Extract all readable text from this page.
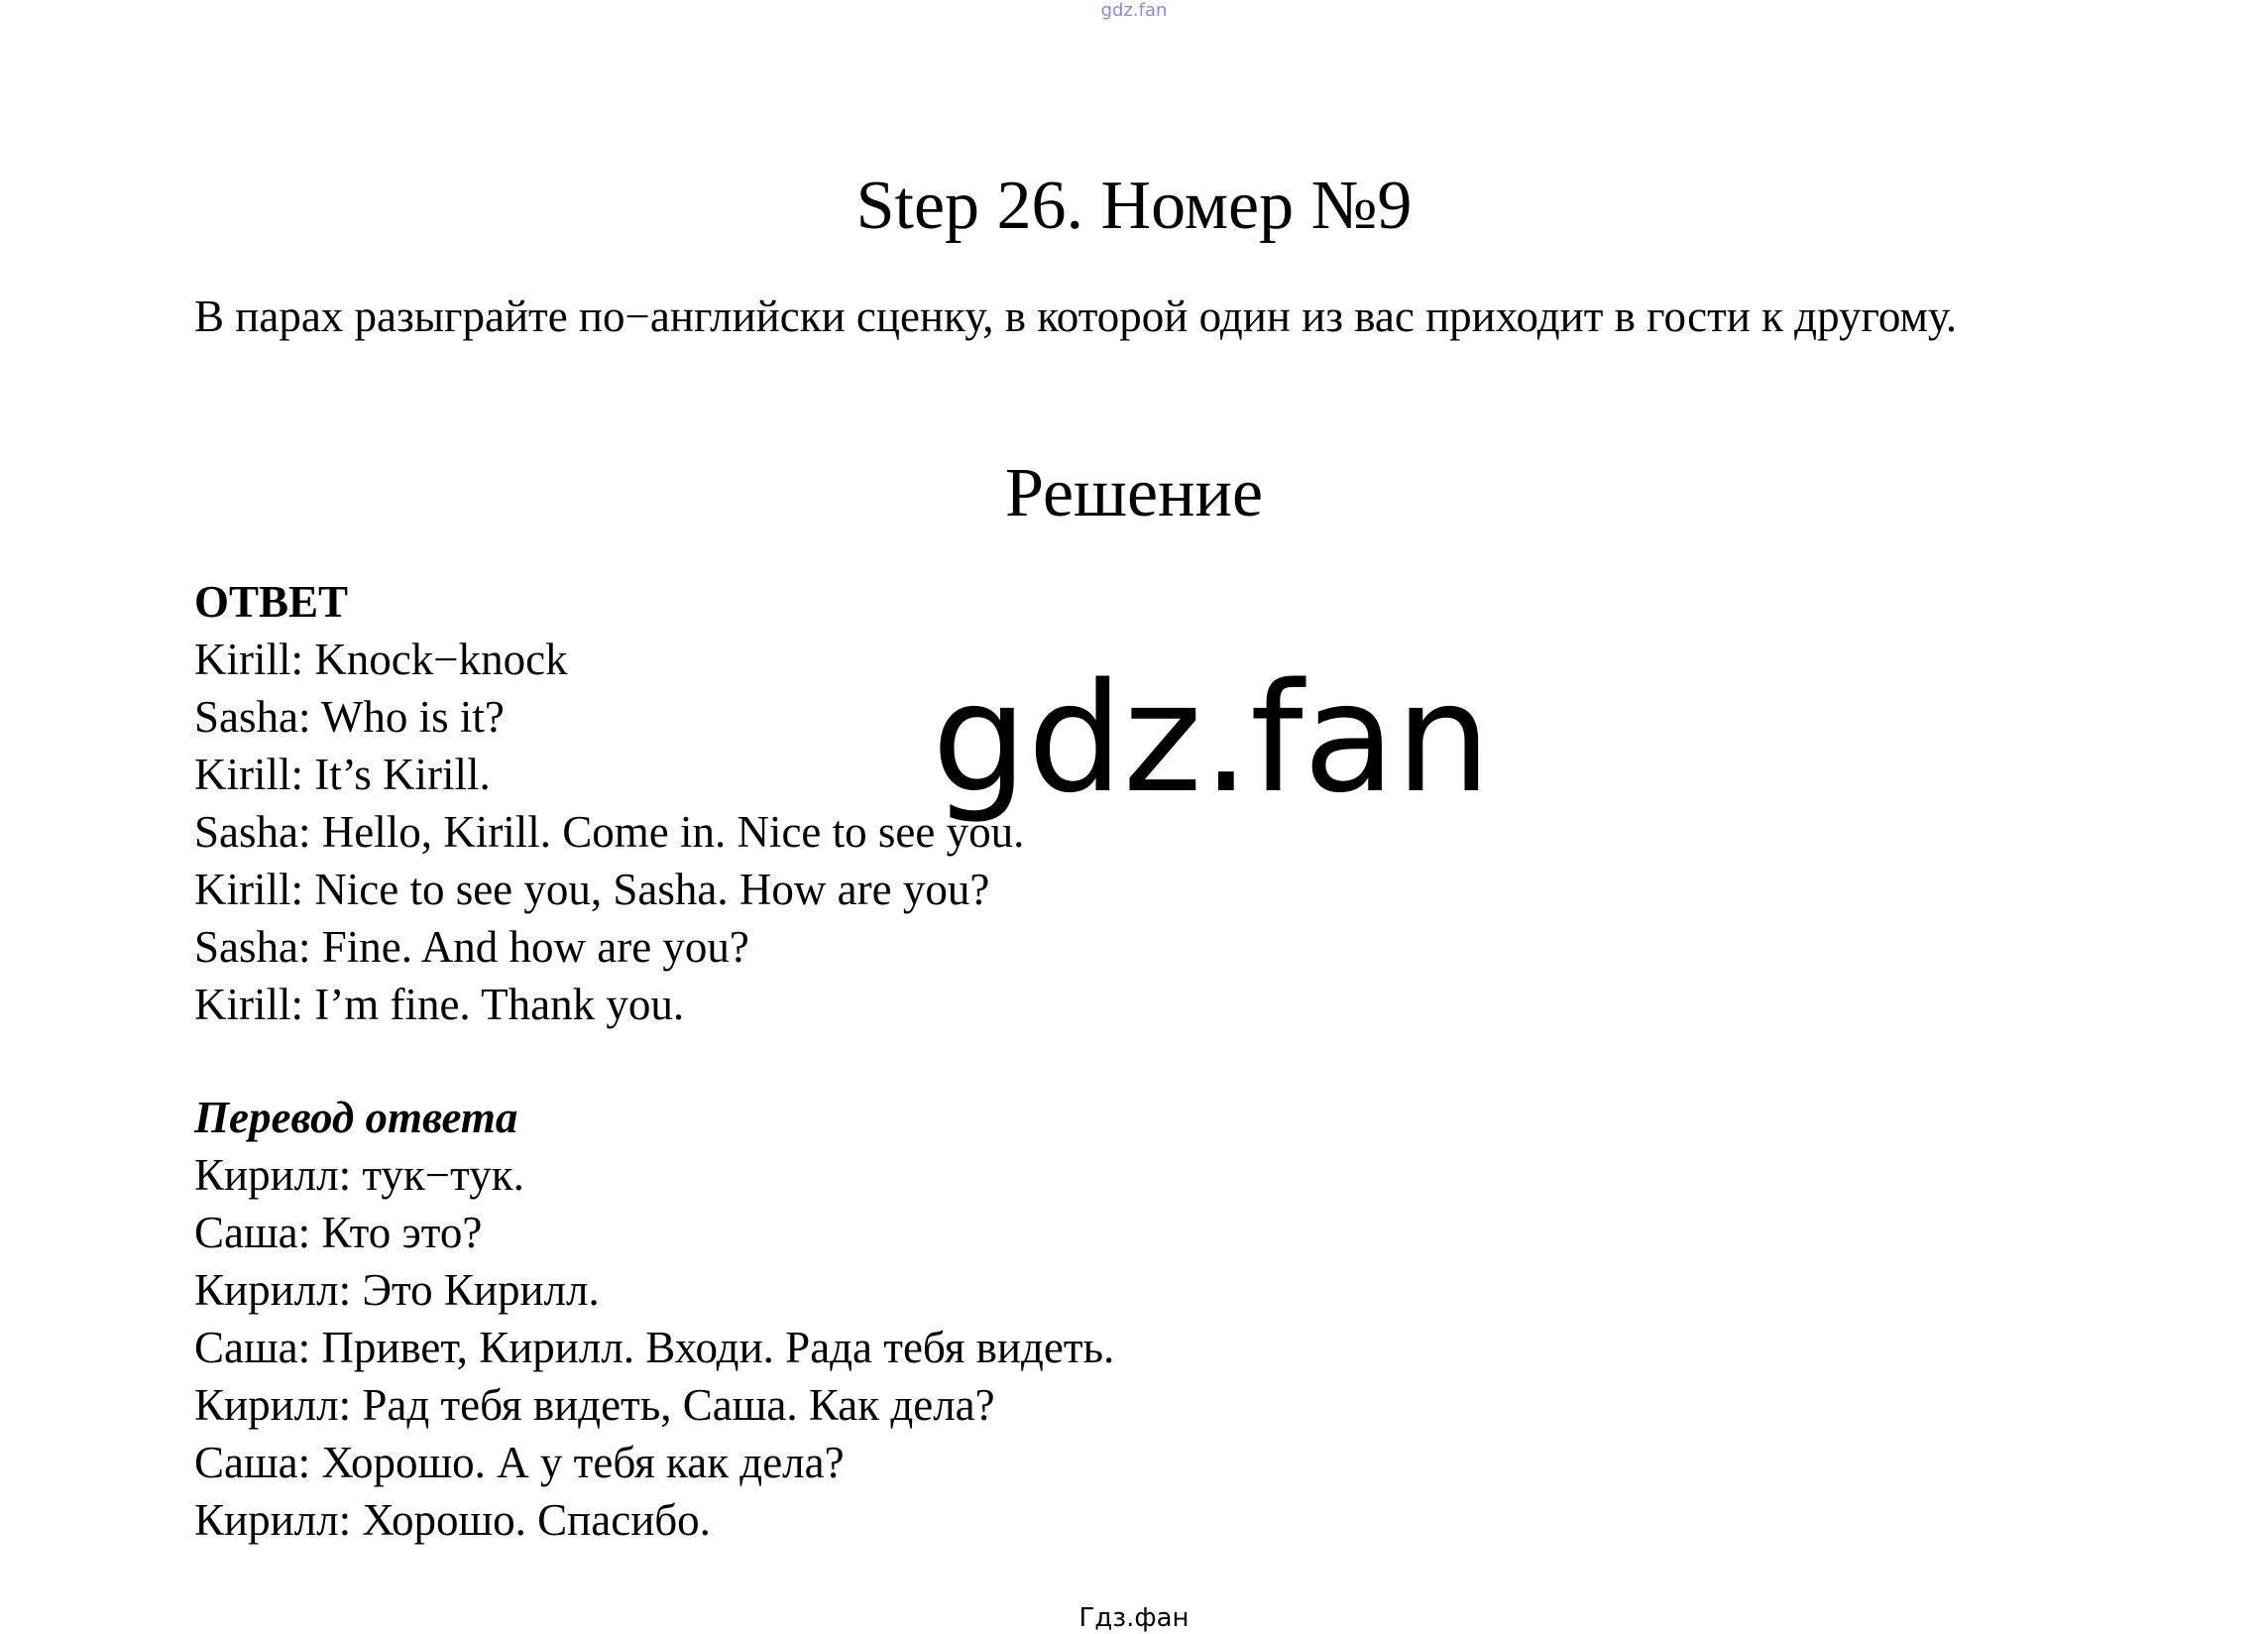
gdz.fan
Step 26. Номер №9
В парах разыграйте по−английски сценку, в которой один из вас приходит в гости к другому.
Решение
ОТВЕТ
Kirill: Knock−knock
Sasha: Who is it?
Kirill: It’s Kirill.
Sasha: Hello, Kirill. Come in. Nice to see you.
Kirill: Nice to see you, Sasha. How are you?
Sasha: Fine. And how are you?
Kirill: I’m fine. Thank you.
Перевод ответа
Кирилл: тук−тук.
Саша: Кто это?
Кирилл: Это Кирилл.
Саша: Привет, Кирилл. Входи. Рада тебя видеть.
Кирилл: Рад тебя видеть, Саша. Как дела?
Саша: Хорошо. А у тебя как дела?
Кирилл: Хорошо. Спасибо.
gdz.fan
Гдз.фан
